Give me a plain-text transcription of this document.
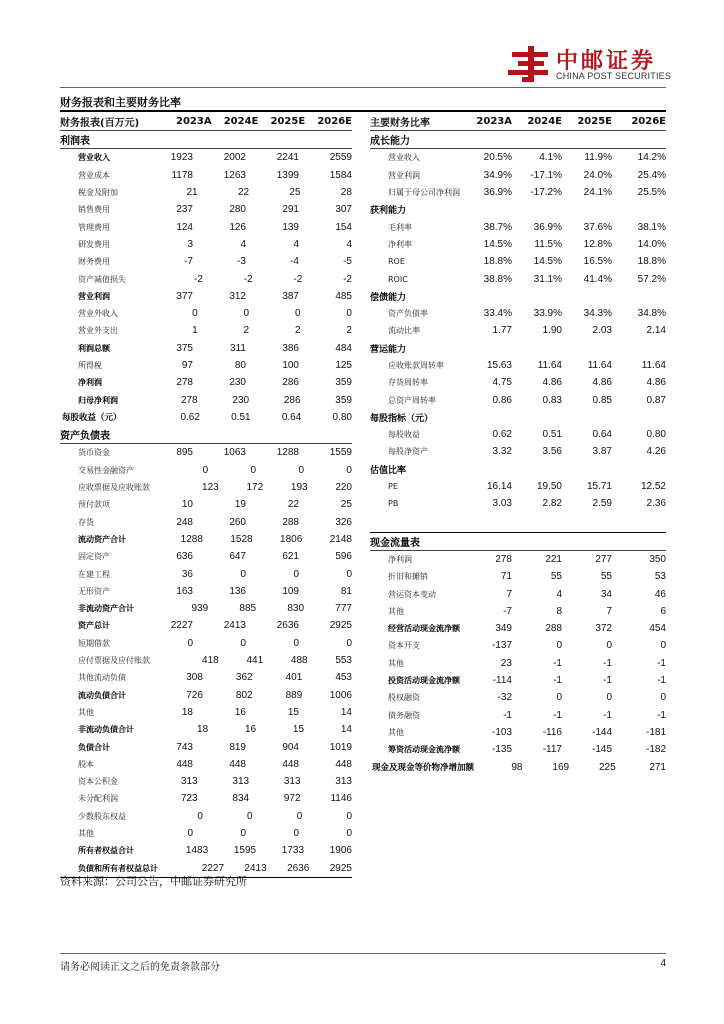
中邮证券
CHINA POST SECURITIES
财务报表和主要财务比率
财务报表(百万元)	2023A	2024E	2025E	2026E
利润表
营业收入	1923	2002	2241	2559
营业成本	1178	1263	1399	1584
税金及附加	21	22	25	28
销售费用	237	280	291	307
管理费用	124	126	139	154
研发费用	3	4	4	4
财务费用	-7	-3	-4	-5
资产减值损失	-2	-2	-2	-2
营业利润	377	312	387	485
营业外收入	0	0	0	0
营业外支出	1	2	2	2
利润总额	375	311	386	484
所得税	97	80	100	125
净利润	278	230	286	359
归母净利润	278	230	286	359
每股收益（元）	0.62	0.51	0.64	0.80
资产负债表
货币资金	895	1063	1288	1559
交易性金融资产	0	0	0	0
应收票据及应收账款	123	172	193	220
预付款项	10	19	22	25
存货	248	260	288	326
流动资产合计	1288	1528	1806	2148
固定资产	636	647	621	596
在建工程	36	0	0	0
无形资产	163	136	109	81
非流动资产合计	939	885	830	777
资产总计	2227	2413	2636	2925
短期借款	0	0	0	0
应付票据及应付账款	418	441	488	553
其他流动负债	308	362	401	453
流动负债合计	726	802	889	1006
其他	18	16	15	14
非流动负债合计	18	16	15	14
负债合计	743	819	904	1019
股本	448	448	448	448
资本公积金	313	313	313	313
未分配利润	723	834	972	1146
少数股东权益	0	0	0	0
其他	0	0	0	0
所有者权益合计	1483	1595	1733	1906
负债和所有者权益总计	2227	2413	2636	2925
主要财务比率	2023A	2024E	2025E	2026E
成长能力
营业收入	20.5%	4.1%	11.9%	14.2%
营业利润	34.9%	-17.1%	24.0%	25.4%
归属于母公司净利润	36.9%	-17.2%	24.1%	25.5%
获利能力
毛利率	38.7%	36.9%	37.6%	38.1%
净利率	14.5%	11.5%	12.8%	14.0%
ROE	18.8%	14.5%	16.5%	18.8%
ROIC	38.8%	31.1%	41.4%	57.2%
偿债能力
资产负债率	33.4%	33.9%	34.3%	34.8%
流动比率	1.77	1.90	2.03	2.14
营运能力
应收账款周转率	15.63	11.64	11.64	11.64
存货周转率	4.75	4.86	4.86	4.86
总资产周转率	0.86	0.83	0.85	0.87
每股指标（元）
每股收益	0.62	0.51	0.64	0.80
每股净资产	3.32	3.56	3.87	4.26
估值比率
PE	16.14	19.50	15.71	12.52
PB	3.03	2.82	2.59	2.36
现金流量表
净利润	278	221	277	350
折旧和摊销	71	55	55	53
营运资本变动	7	4	34	46
其他	-7	8	7	6
经营活动现金流净额	349	288	372	454
资本开支	-137	0	0	0
其他	23	-1	-1	-1
投资活动现金流净额	-114	-1	-1	-1
股权融资	-32	0	0	0
债务融资	-1	-1	-1	-1
其他	-103	-116	-144	-181
筹资活动现金流净额	-135	-117	-145	-182
现金及现金等价物净增加额	98	169	225	271
资料来源：公司公告，中邮证券研究所
请务必阅读正文之后的免责条款部分	4
